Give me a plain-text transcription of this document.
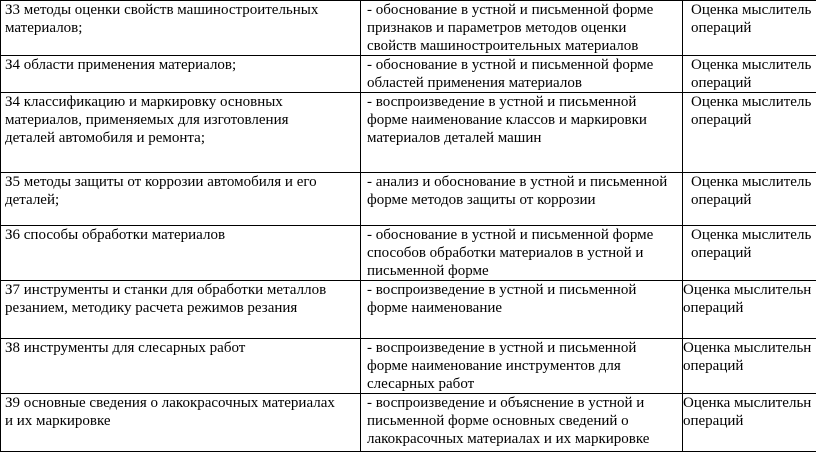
З3 методы оценки свойств машиностроительных
материалов;	- обоснование в устной и письменной форме
признаков и параметров методов оценки
свойств машиностроительных материалов	Оценка мыслитель
операций

З4 области применения материалов;	- обоснование в устной и письменной форме
областей применения материалов	Оценка мыслитель
операций

З4 классификацию и маркировку основных
материалов, применяемых для изготовления
деталей автомобиля и ремонта;	- воспроизведение в устной и письменной
форме наименование классов и маркировки
материалов деталей машин	Оценка мыслитель
операций

З5 методы защиты от коррозии автомобиля и его
деталей;	- анализ и обоснование в устной и письменной
форме методов защиты от коррозии	Оценка мыслитель
операций

З6 способы обработки материалов	- обоснование в устной и письменной форме
способов обработки материалов в устной и
письменной форме	Оценка мыслитель
операций

З7 инструменты и станки для обработки металлов
резанием, методику расчета режимов резания	- воспроизведение в устной и письменной
форме наименование	Оценка мыслительн
операций

З8 инструменты для слесарных работ	- воспроизведение в устной и письменной
форме наименование инструментов для
слесарных работ	Оценка мыслительн
операций

З9 основные сведения о лакокрасочных материалах
и их маркировке	- воспроизведение и объяснение в устной и
письменной форме основных сведений о
лакокрасочных материалах и их маркировке	Оценка мыслительн
операций
